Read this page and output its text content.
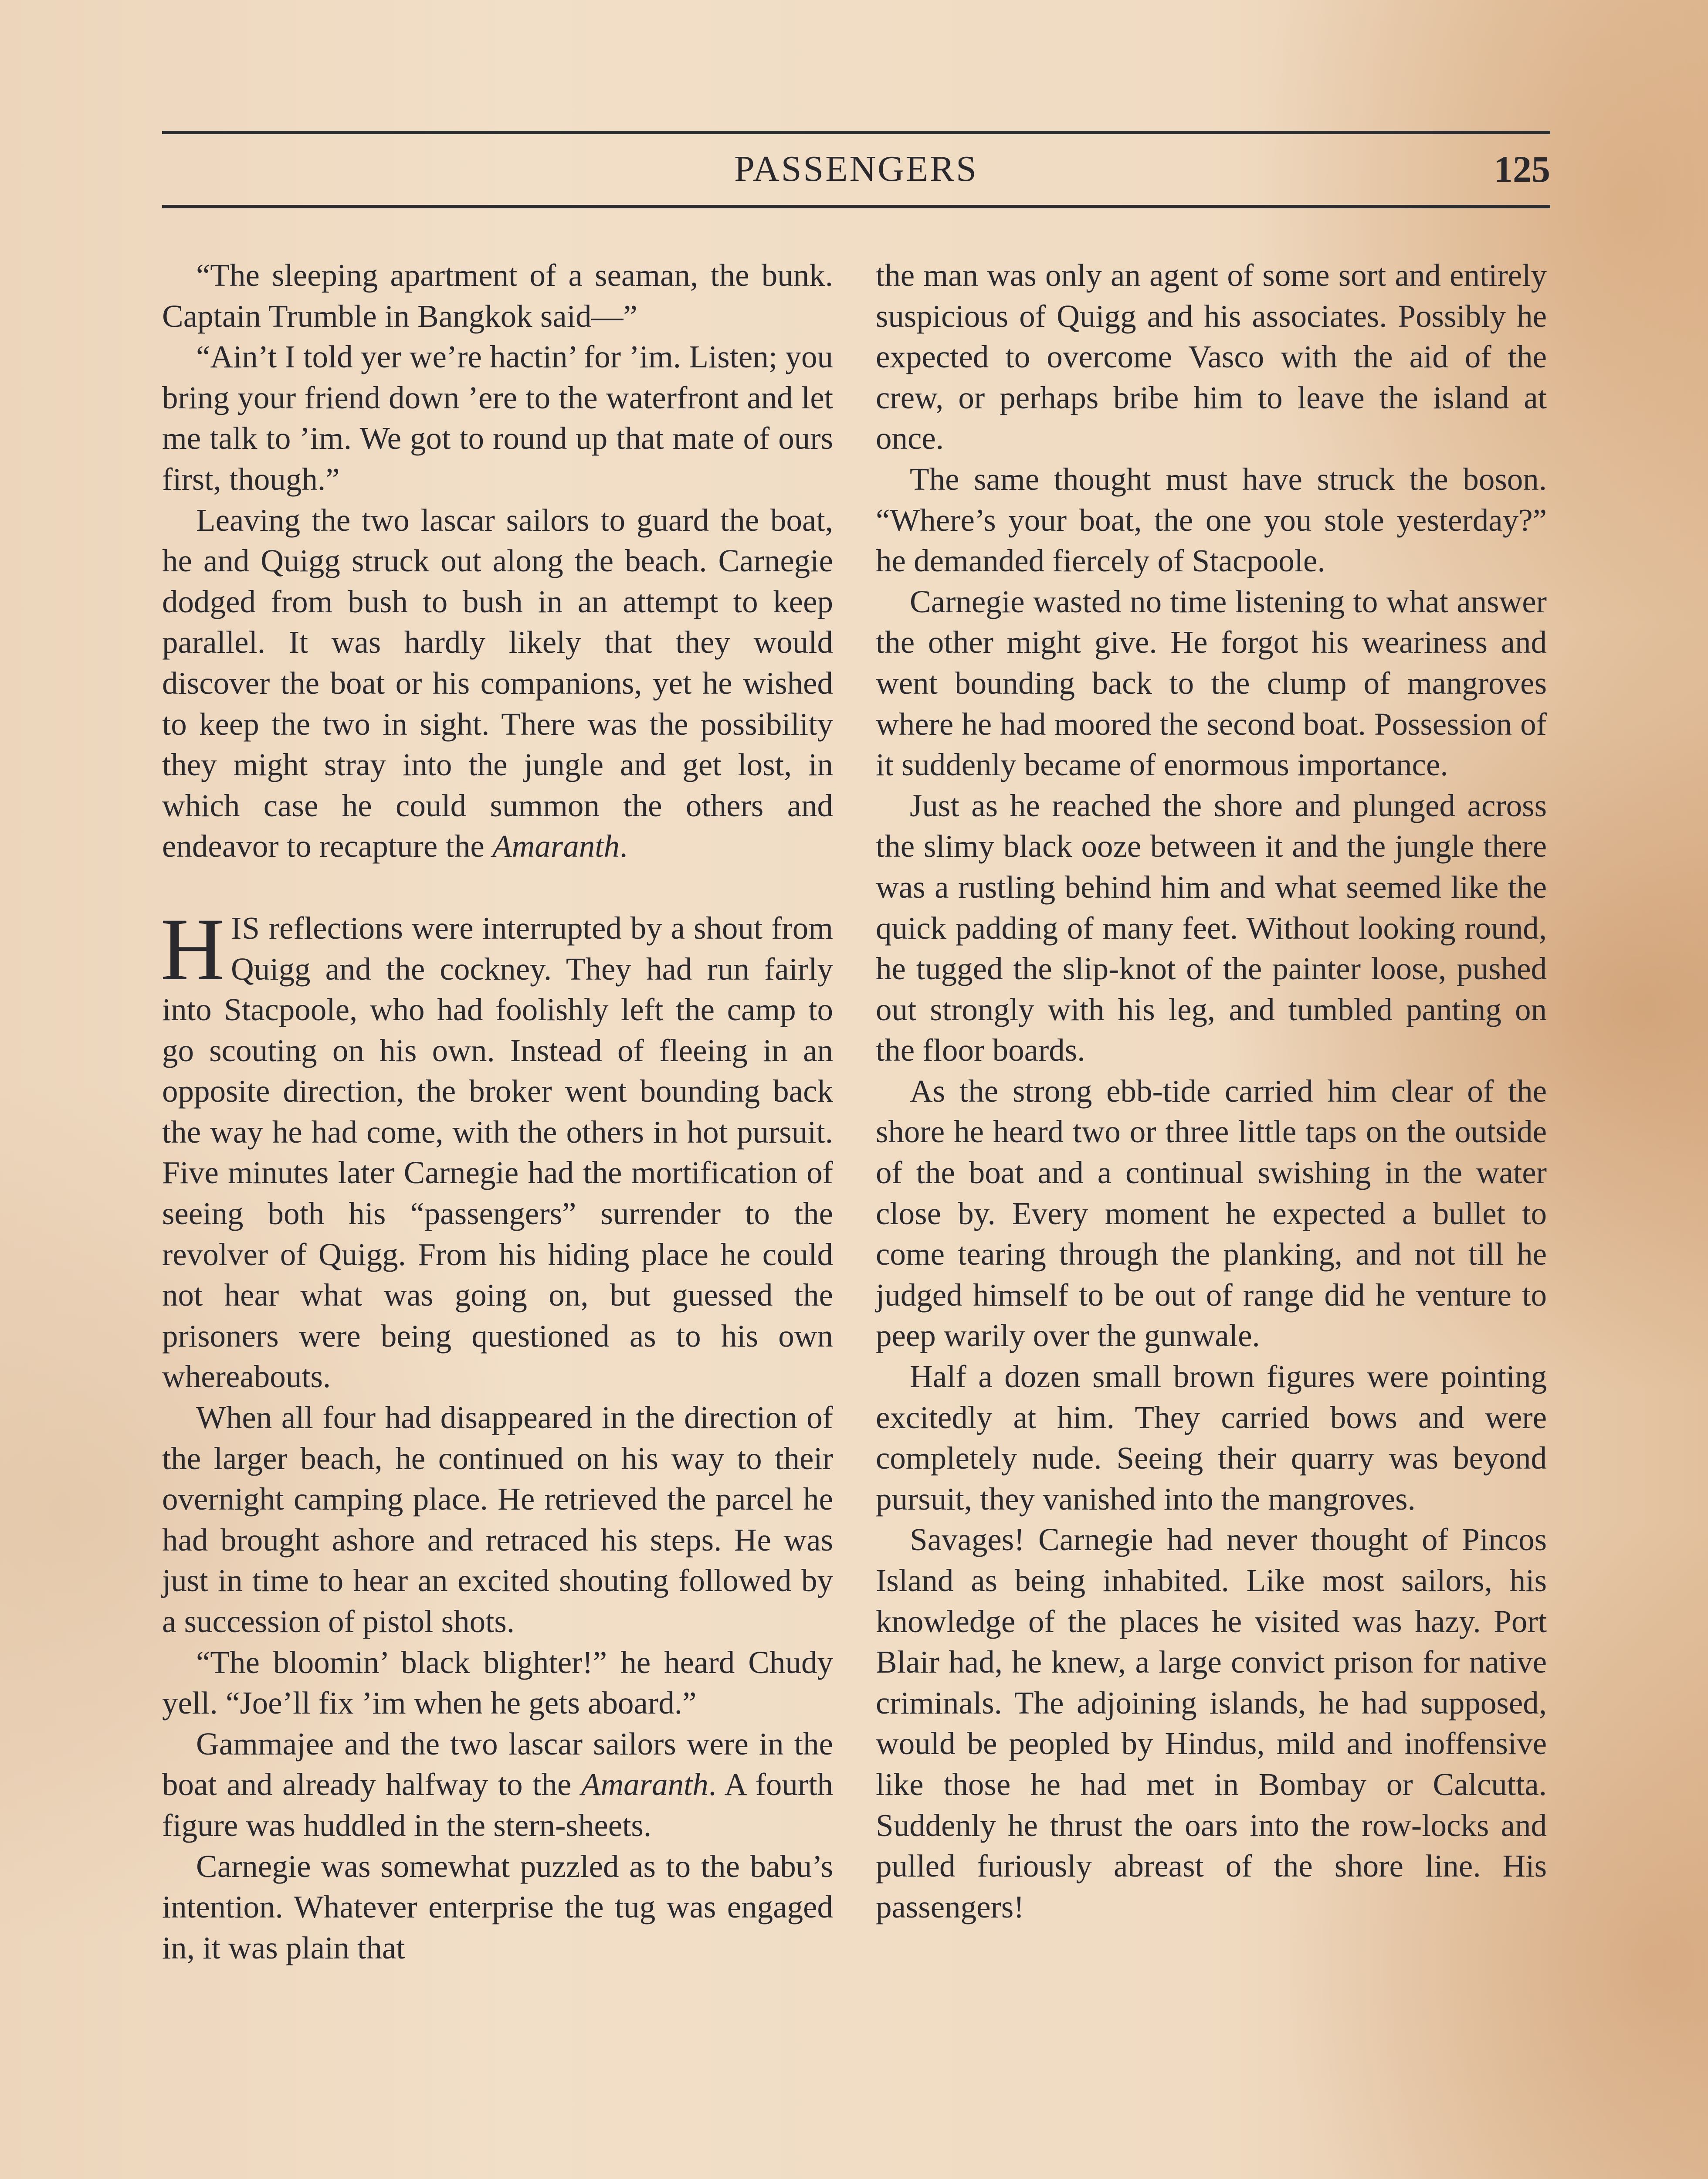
PASSENGERS	125

“The sleeping apartment of a seaman, the bunk. Captain Trumble in Bangkok said—”

“Ain’t I told yer we’re hactin’ for ’im. Listen; you bring your friend down ’ere to the waterfront and let me talk to ’im. We got to round up that mate of ours first, though.”

Leaving the two lascar sailors to guard the boat, he and Quigg struck out along the beach. Carnegie dodged from bush to bush in an attempt to keep parallel. It was hardly likely that they would discover the boat or his companions, yet he wished to keep the two in sight. There was the possibility they might stray into the jungle and get lost, in which case he could summon the others and endeavor to recapture the Amaranth.

HIS reflections were interrupted by a shout from Quigg and the cockney. They had run fairly into Stacpoole, who had foolishly left the camp to go scouting on his own. Instead of fleeing in an opposite direction, the broker went bounding back the way he had come, with the others in hot pursuit. Five minutes later Carnegie had the mortification of seeing both his “passengers” surrender to the revolver of Quigg. From his hiding place he could not hear what was going on, but guessed the prisoners were being questioned as to his own whereabouts.

When all four had disappeared in the direction of the larger beach, he continued on his way to their overnight camping place. He retrieved the parcel he had brought ashore and retraced his steps. He was just in time to hear an excited shouting followed by a succession of pistol shots.

“The bloomin’ black blighter!” he heard Chudy yell. “Joe’ll fix ’im when he gets aboard.”

Gammajee and the two lascar sailors were in the boat and already halfway to the Amaranth. A fourth figure was huddled in the stern-sheets.

Carnegie was somewhat puzzled as to the babu’s intention. Whatever enterprise the tug was engaged in, it was plain that

the man was only an agent of some sort and entirely suspicious of Quigg and his associates. Possibly he expected to overcome Vasco with the aid of the crew, or perhaps bribe him to leave the island at once.

The same thought must have struck the boson. “Where’s your boat, the one you stole yesterday?” he demanded fiercely of Stacpoole.

Carnegie wasted no time listening to what answer the other might give. He forgot his weariness and went bounding back to the clump of mangroves where he had moored the second boat. Possession of it suddenly became of enormous importance.

Just as he reached the shore and plunged across the slimy black ooze between it and the jungle there was a rustling behind him and what seemed like the quick padding of many feet. Without looking round, he tugged the slip-knot of the painter loose, pushed out strongly with his leg, and tumbled panting on the floor boards.

As the strong ebb-tide carried him clear of the shore he heard two or three little taps on the outside of the boat and a continual swishing in the water close by. Every moment he expected a bullet to come tearing through the planking, and not till he judged himself to be out of range did he venture to peep warily over the gunwale.

Half a dozen small brown figures were pointing excitedly at him. They carried bows and were completely nude. Seeing their quarry was beyond pursuit, they vanished into the mangroves.

Savages! Carnegie had never thought of Pincos Island as being inhabited. Like most sailors, his knowledge of the places he visited was hazy. Port Blair had, he knew, a large convict prison for native criminals. The adjoining islands, he had supposed, would be peopled by Hindus, mild and inoffensive like those he had met in Bombay or Calcutta. Suddenly he thrust the oars into the row-locks and pulled furiously abreast of the shore line. His passengers!
